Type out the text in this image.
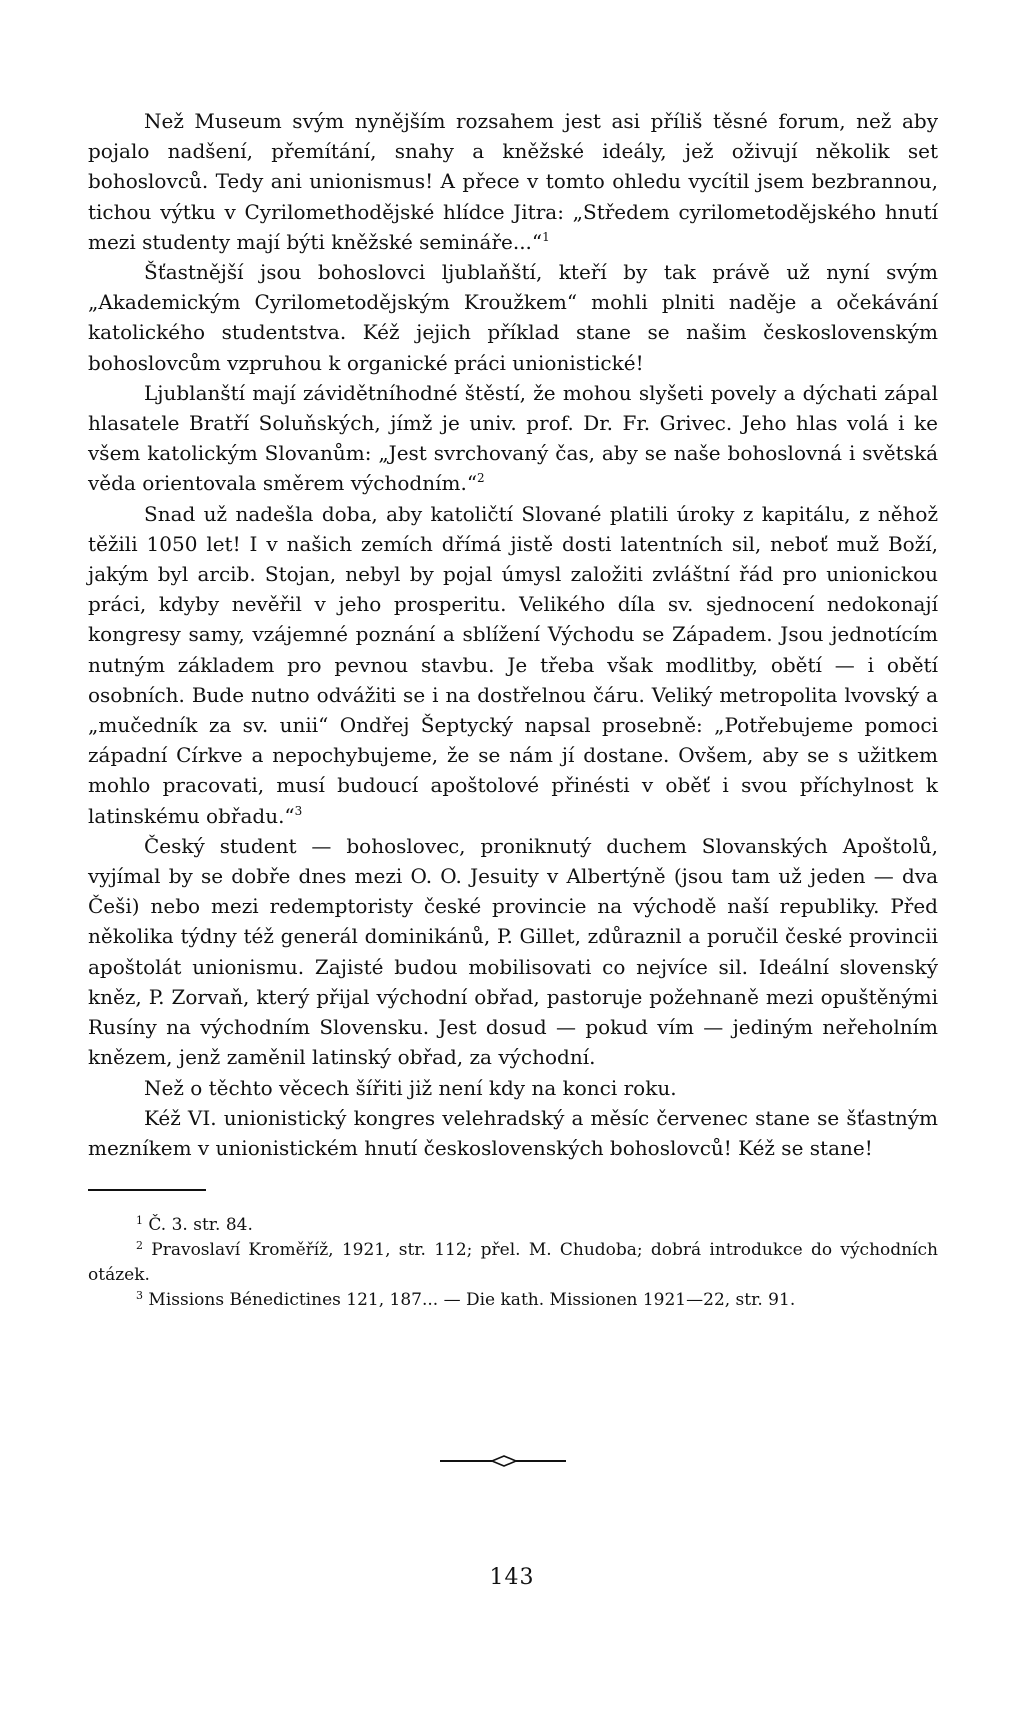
Než Museum svým nynějším rozsahem jest asi příliš těsné forum, než aby pojalo nadšení, přemítání, snahy a kněžské ideály, jež oživují několik set bohoslovců. Tedy ani unionismus! A přece v tomto ohledu vycítil jsem bezbrannou, tichou výtku v Cyrilomethodějské hlídce Jitra: „Středem cyrilometodějského hnutí mezi studenty mají býti kněžské semináře...“$^1$

Šťastnější jsou bohoslovci ljublaňští, kteří by tak právě už nyní svým „Akademickým Cyrilometodějským Kroužkem“ mohli plniti naděje a očekávání katolického studentstva. Kéž jejich příklad stane se našim československým bohoslovcům vzpruhou k organické práci unionistické!

Ljublanští mají závidětníhodné štěstí, že mohou slyšeti povely a dýchati zápal hlasatele Bratří Soluňských, jímž je univ. prof. Dr. Fr. Grivec. Jeho hlas volá i ke všem katolickým Slovanům: „Jest svrchovaný čas, aby se naše bohoslovná i světská věda orientovala směrem východním.“$^2$

Snad už nadešla doba, aby katoličtí Slované platili úroky z kapitálu, z něhož těžili 1050 let! I v našich zemích dřímá jistě dosti latentních sil, neboť muž Boží, jakým byl arcib. Stojan, nebyl by pojal úmysl založiti zvláštní řád pro unionickou práci, kdyby nevěřil v jeho prosperitu. Velikého díla sv. sjednocení nedokonají kongresy samy, vzájemné poznání a sblížení Východu se Západem. Jsou jednotícím nutným základem pro pevnou stavbu. Je třeba však modlitby, obětí — i obětí osobních. Bude nutno odvážiti se i na dostřelnou čáru. Veliký metropolita lvovský a „mučedník za sv. unii“ Ondřej Šeptycký napsal prosebně: „Potřebujeme pomoci západní Církve a nepochybujeme, že se nám jí dostane. Ovšem, aby se s užitkem mohlo pracovati, musí budoucí apoštolové přinésti v oběť i svou příchylnost k latinskému obřadu.“$^3$

Český student — bohoslovec, proniknutý duchem Slovanských Apoštolů, vyjímal by se dobře dnes mezi O. O. Jesuity v Albertýně (jsou tam už jeden — dva Češi) nebo mezi redemptoristy české provincie na východě naší republiky. Před několika týdny též generál dominikánů, P. Gillet, zdůraznil a poručil české provincii apoštolát unionismu. Zajisté budou mobilisovati co nejvíce sil. Ideální slovenský kněz, P. Zorvaň, který přijal východní obřad, pastoruje požehnaně mezi opuštěnými Rusíny na východním Slovensku. Jest dosud — pokud vím — jediným neřeholním knězem, jenž zaměnil latinský obřad, za východní.

Než o těchto věcech šířiti již není kdy na konci roku.

Kéž VI. unionistický kongres velehradský a měsíc červenec stane se šťastným mezníkem v unionistickém hnutí československých bohoslovců! Kéž se stane!

$^1$ Č. 3. str. 84.

$^2$ Pravoslaví Kroměříž, 1921, str. 112; přel. M. Chudoba; dobrá introdukce do východních otázek.

$^3$ Missions Bénedictines 121, 187... — Die kath. Missionen 1921—22, str. 91.

143
